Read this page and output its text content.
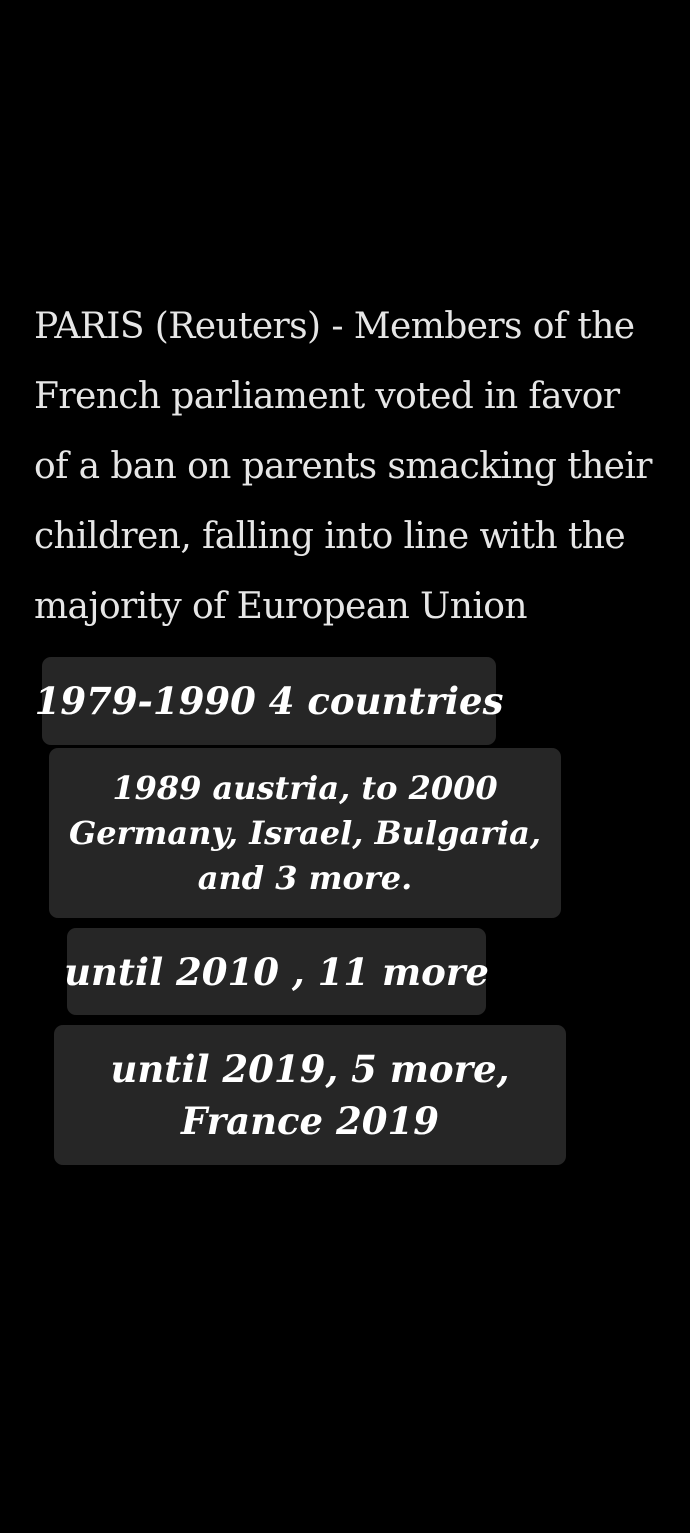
PARIS (Reuters) - Members of the
French parliament voted in favor
of a ban on parents smacking their
children, falling into line with the
majority of European Union
1979-1990 4 countries
1989 austria, to 2000
Germany, Israel, Bulgaria,
and 3 more.
until 2010 , 11 more
until 2019, 5 more,
France 2019
